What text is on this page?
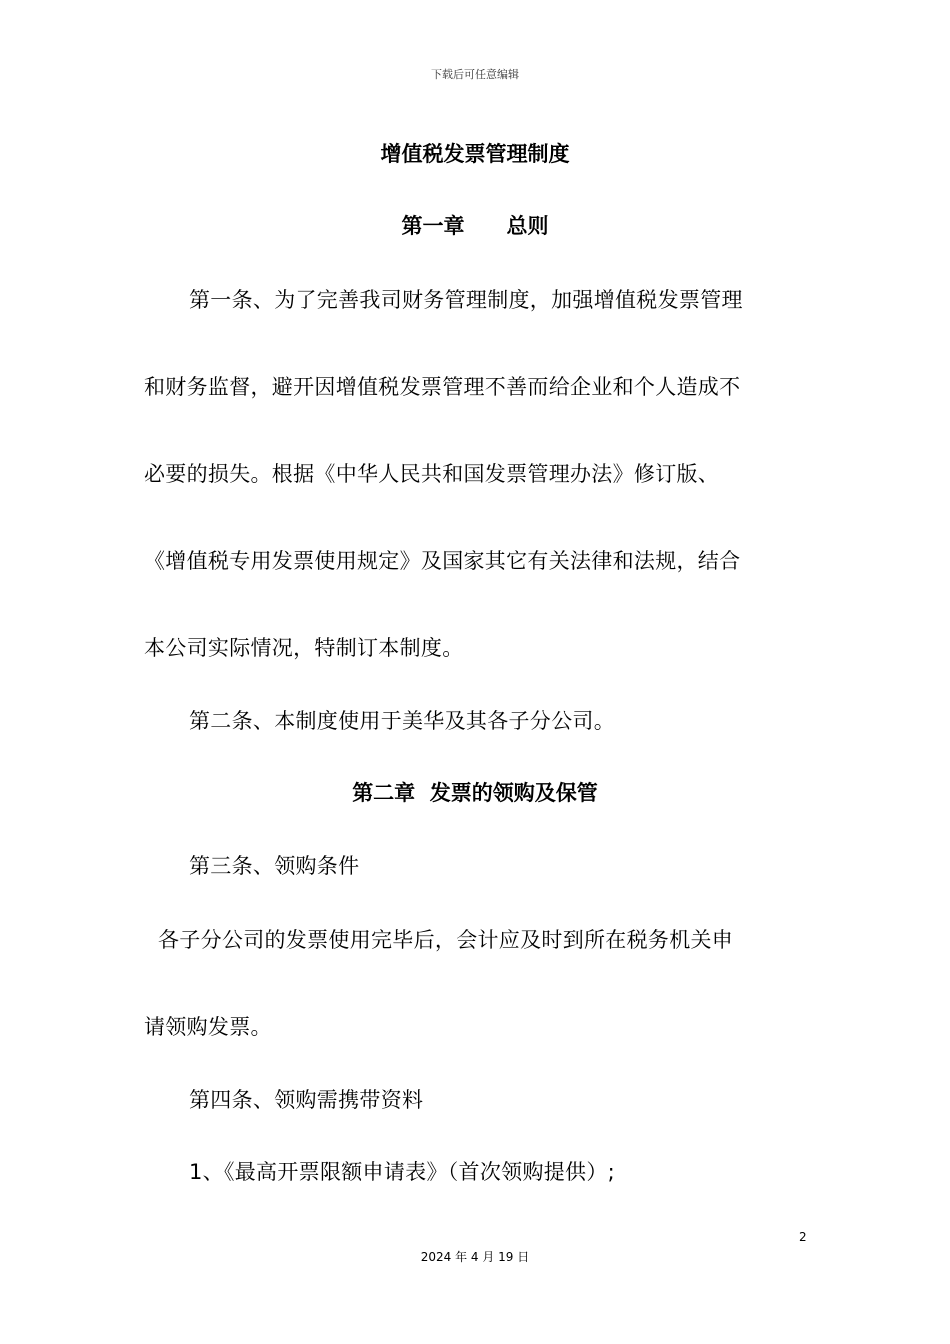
下载后可任意编辑
增值税发票管理制度
第一章　　总则
第一条、为了完善我司财务管理制度，加强增值税发票管理
和财务监督，避开因增值税发票管理不善而给企业和个人造成不
必要的损失。根据《中华人民共和国发票管理办法》修订版、
《增值税专用发票使用规定》及国家其它有关法律和法规，结合
本公司实际情况，特制订本制度。
第二条、本制度使用于美华及其各子分公司。
第二章  发票的领购及保管
第三条、领购条件
各子分公司的发票使用完毕后，会计应及时到所在税务机关申
请领购发票。
第四条、领购需携带资料
1、《最高开票限额申请表》（首次领购提供）;
2
2024 年 4 月 19 日
